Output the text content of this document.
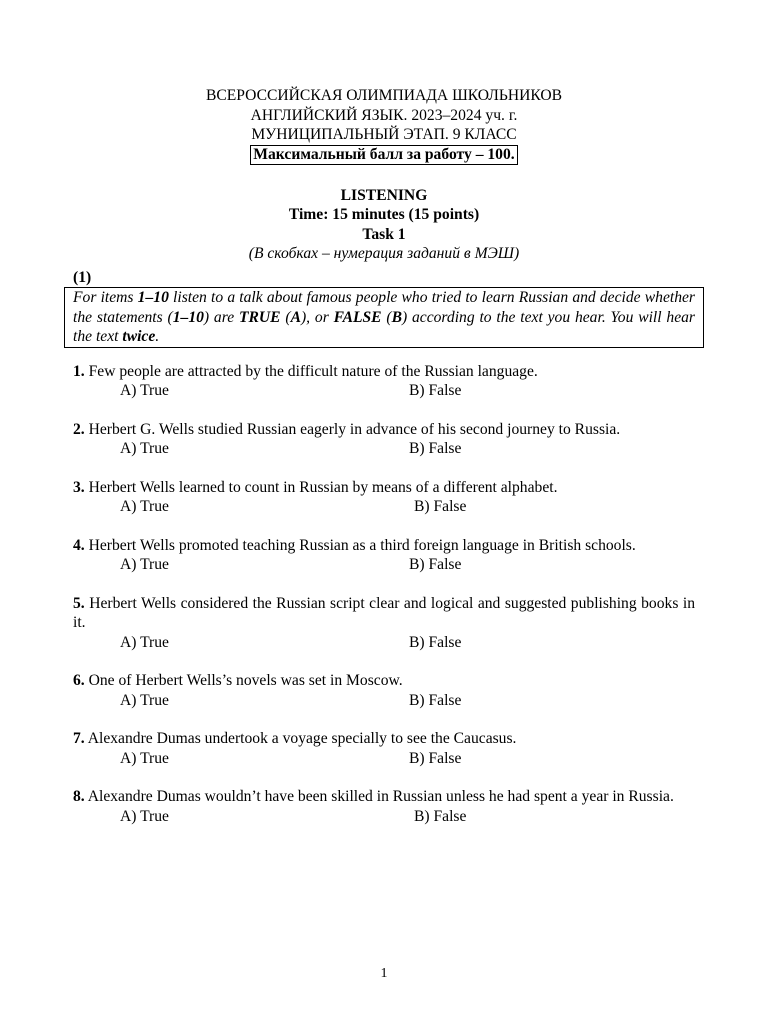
ВСЕРОССИЙСКАЯ ОЛИМПИАДА ШКОЛЬНИКОВ
АНГЛИЙСКИЙ ЯЗЫК. 2023–2024 уч. г.
МУНИЦИПАЛЬНЫЙ ЭТАП. 9 КЛАСС
Максимальный балл за работу – 100.
LISTENING
Time: 15 minutes (15 points)
Task 1
(В скобках – нумерация заданий в МЭШ)
(1)
For items 1–10 listen to a talk about famous people who tried to learn Russian and decide whether the statements (1–10) are TRUE (A), or FALSE (B) according to the text you hear. You will hear the text twice.
1. Few people are attracted by the difficult nature of the Russian language.
A) True	B) False
2. Herbert G. Wells studied Russian eagerly in advance of his second journey to Russia.
A) True	B) False
3. Herbert Wells learned to count in Russian by means of a different alphabet.
A) True	B) False
4. Herbert Wells promoted teaching Russian as a third foreign language in British schools.
A) True	B) False
5. Herbert Wells considered the Russian script clear and logical and suggested publishing books in it.
A) True	B) False
6. One of Herbert Wells’s novels was set in Moscow.
A) True	B) False
7. Alexandre Dumas undertook a voyage specially to see the Caucasus.
A) True	B) False
8. Alexandre Dumas wouldn’t have been skilled in Russian unless he had spent a year in Russia.
A) True	B) False
1
